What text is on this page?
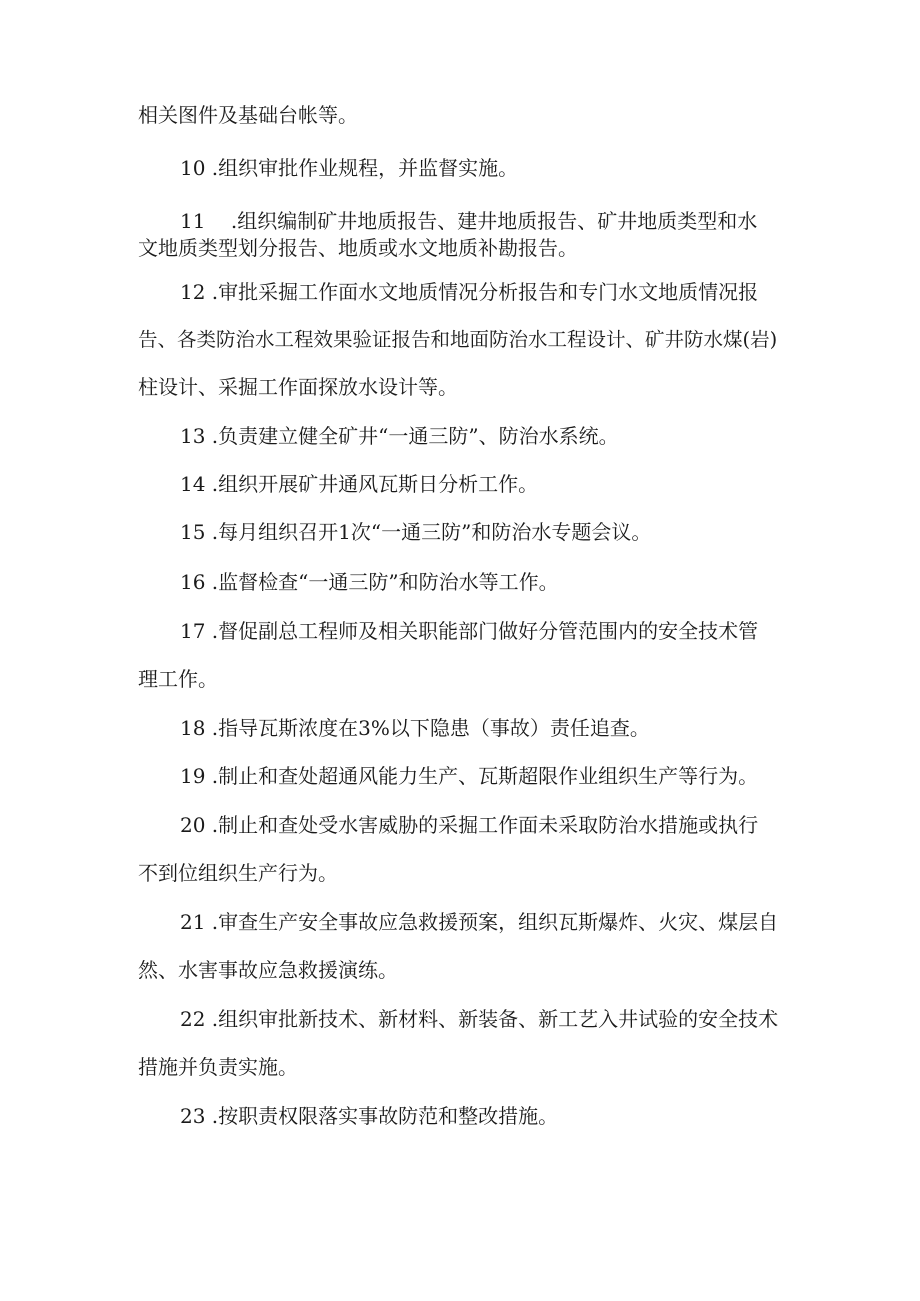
相关图件及基础台帐等。
10 .组织审批作业规程，并监督实施。
11    .组织编制矿井地质报告、建井地质报告、矿井地质类型和水
文地质类型划分报告、地质或水文地质补勘报告。
12 .审批采掘工作面水文地质情况分析报告和专门水文地质情况报
告、各类防治水工程效果验证报告和地面防治水工程设计、矿井防水煤(岩)
柱设计、采掘工作面探放水设计等。
13 .负责建立健全矿井“一通三防”、防治水系统。
14 .组织开展矿井通风瓦斯日分析工作。
15 .每月组织召开1次“一通三防”和防治水专题会议。
16 .监督检查“一通三防”和防治水等工作。
17 .督促副总工程师及相关职能部门做好分管范围内的安全技术管
理工作。
18 .指导瓦斯浓度在3%以下隐患（事故）责任追查。
19 .制止和查处超通风能力生产、瓦斯超限作业组织生产等行为。
20 .制止和查处受水害威胁的采掘工作面未采取防治水措施或执行
不到位组织生产行为。
21 .审查生产安全事故应急救援预案，组织瓦斯爆炸、火灾、煤层自
然、水害事故应急救援演练。
22 .组织审批新技术、新材料、新装备、新工艺入井试验的安全技术
措施并负责实施。
23 .按职责权限落实事故防范和整改措施。
